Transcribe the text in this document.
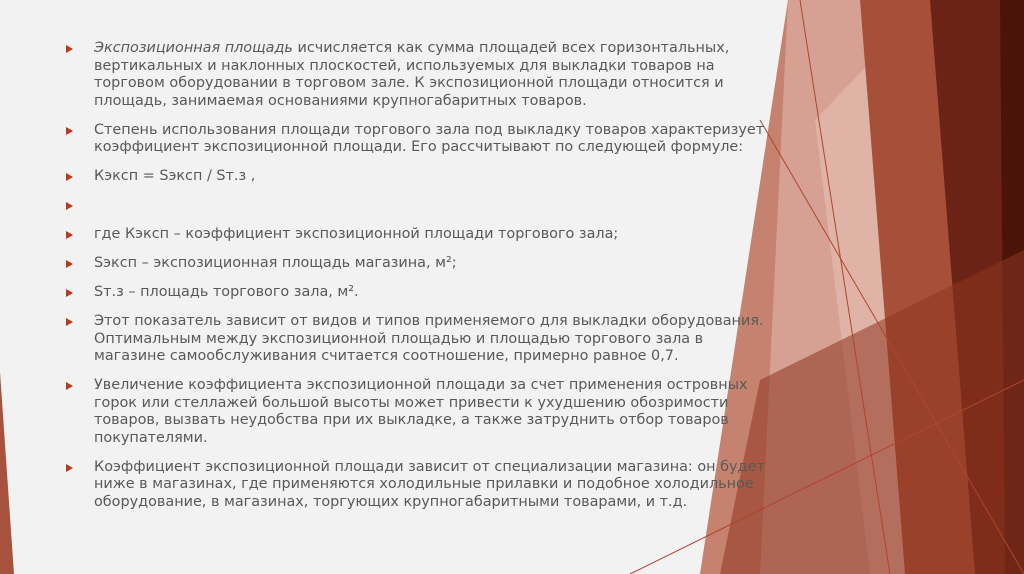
Экспозиционная площадь исчисляется как сумма площадей всех горизонтальных, вертикальных и наклонных плоскостей, используемых для выкладки товаров на торговом оборудовании в торговом зале. К экспозиционной площади относится и площадь, занимаемая основаниями крупногабаритных товаров.
Степень использования площади торгового зала под выкладку товаров характеризует коэффициент экспозиционной площади. Его рассчитывают по следующей формуле:
Кэксп = Sэксп / Sт.з ,
где Кэксп – коэффициент экспозиционной площади торгового зала;
Sэксп – экспозиционная площадь магазина, м²;
Sт.з – площадь торгового зала, м².
Этот показатель зависит от видов и типов применяемого для выкладки оборудования. Оптимальным между экспозиционной площадью и площадью торгового зала в магазине самообслуживания считается соотношение, примерно равное 0,7.
Увеличение коэффициента экспозиционной площади за счет применения островных горок или стеллажей большой высоты может привести к ухудшению обозримости товаров, вызвать неудобства при их выкладке, а также затруднить отбор товаров покупателями.
Коэффициент экспозиционной площади зависит от специализации магазина: он будет ниже в магазинах, где применяются холодильные прилавки и подобное холодильное оборудование, в магазинах, торгующих крупногабаритными товарами, и т.д.
